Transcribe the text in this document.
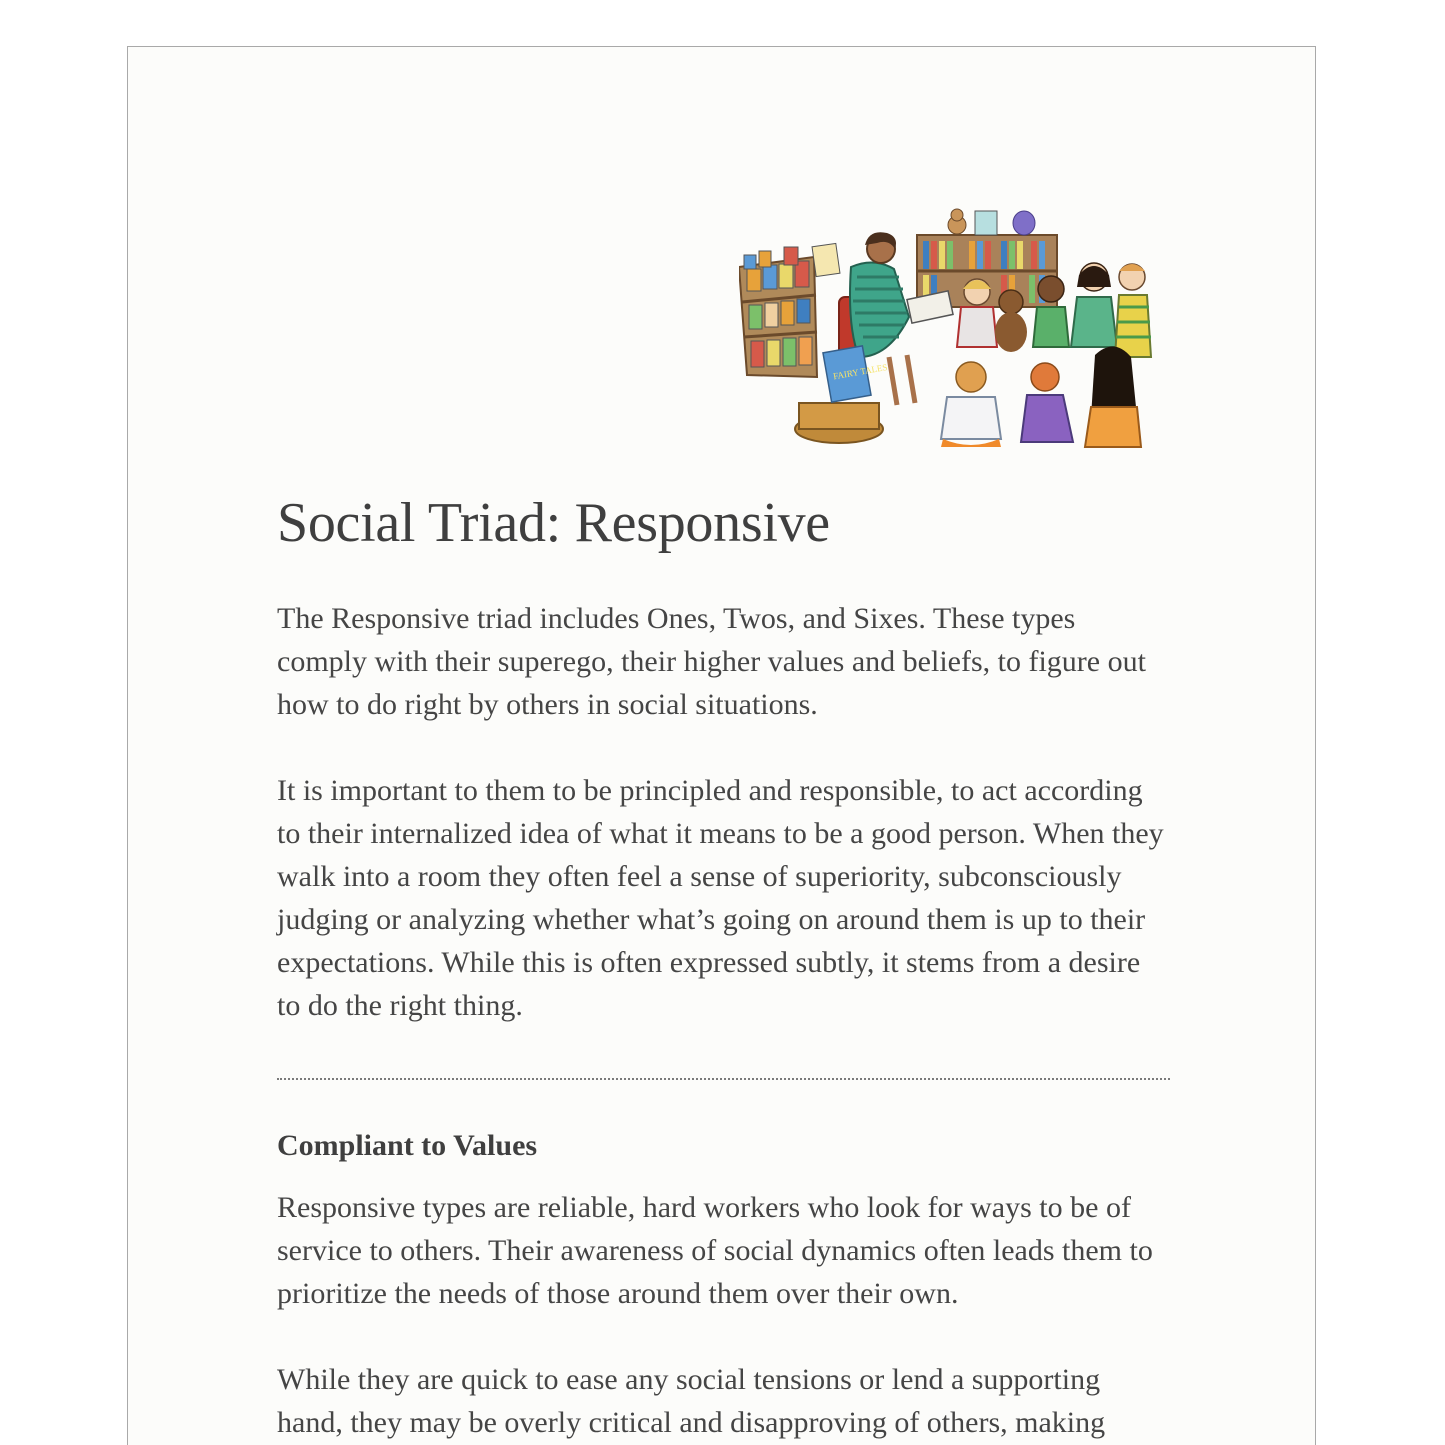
FAIRY TALES
Social Triad: Responsive

The Responsive triad includes Ones, Twos, and Sixes. These types comply with their superego, their higher values and beliefs, to figure out how to do right by others in social situations.

It is important to them to be principled and responsible, to act according to their internalized idea of what it means to be a good person. When they walk into a room they often feel a sense of superiority, subconsciously judging or analyzing whether what’s going on around them is up to their expectations. While this is often expressed subtly, it stems from a desire to do the right thing.

Compliant to Values

Responsive types are reliable, hard workers who look for ways to be of service to others. Their awareness of social dynamics often leads them to prioritize the needs of those around them over their own.

While they are quick to ease any social tensions or lend a supporting hand, they may be overly critical and disapproving of others, making
